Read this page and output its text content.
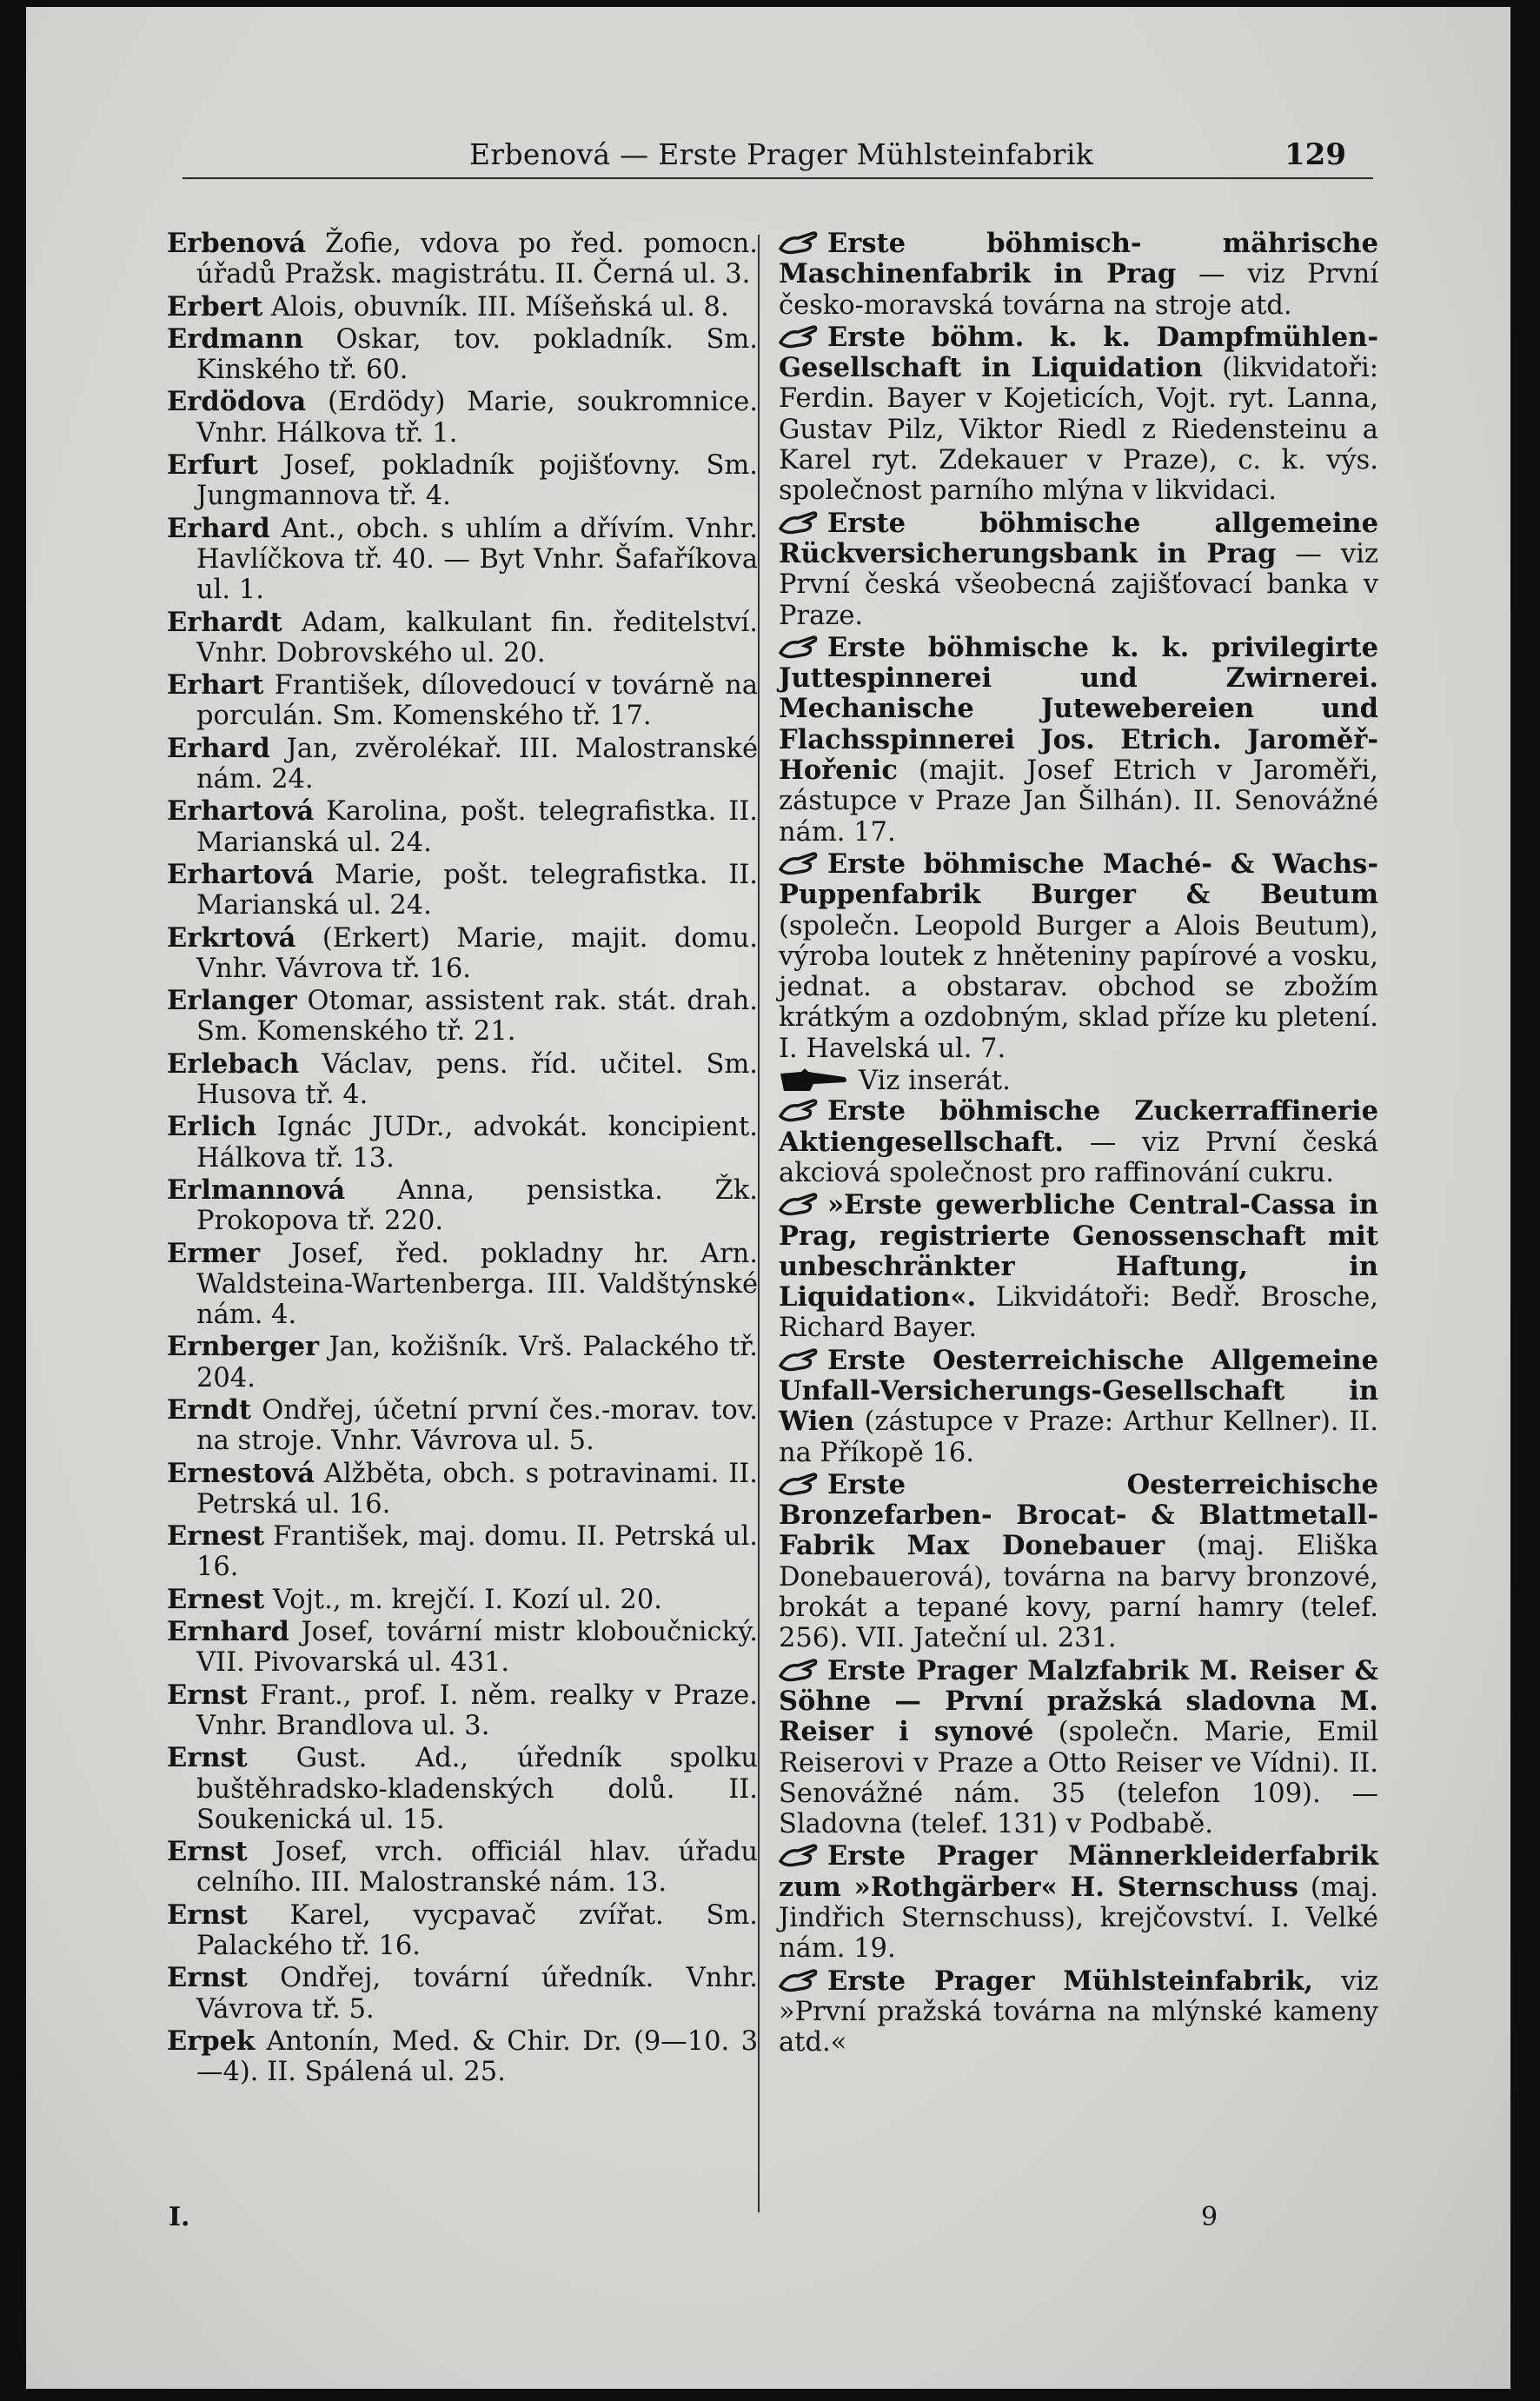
Erbenová — Erste Prager Mühlsteinfabrik	129
Erbenová Žofie, vdova po řed. pomocn. úřadů Pražsk. magistrátu. II. Černá ul. 3.
Erbert Alois, obuvník. III. Míšeňská ul. 8.
Erdmann Oskar, tov. pokladník. Sm. Kinského tř. 60.
Erdödova (Erdödy) Marie, soukromnice. Vnhr. Hálkova tř. 1.
Erfurt Josef, pokladník pojišťovny. Sm. Jungmannova tř. 4.
Erhard Ant., obch. s uhlím a dřívím. Vnhr. Havlíčkova tř. 40. — Byt Vnhr. Šafaříkova ul. 1.
Erhardt Adam, kalkulant fin. ředitelství. Vnhr. Dobrovského ul. 20.
Erhart František, dílovedoucí v továrně na porculán. Sm. Komenského tř. 17.
Erhard Jan, zvěrolékař. III. Malostranské nám. 24.
Erhartová Karolina, pošt. telegrafistka. II. Marianská ul. 24.
Erhartová Marie, pošt. telegrafistka. II. Marianská ul. 24.
Erkrtová (Erkert) Marie, majit. domu. Vnhr. Vávrova tř. 16.
Erlanger Otomar, assistent rak. stát. drah. Sm. Komenského tř. 21.
Erlebach Václav, pens. říd. učitel. Sm. Husova tř. 4.
Erlich Ignác JUDr., advokát. koncipient. Hálkova tř. 13.
Erlmannová Anna, pensistka. Žk. Prokopova tř. 220.
Ermer Josef, řed. pokladny hr. Arn. Waldsteina-Wartenberga. III. Valdštýnské nám. 4.
Ernberger Jan, kožišník. Vrš. Palackého tř. 204.
Erndt Ondřej, účetní první čes.-morav. tov. na stroje. Vnhr. Vávrova ul. 5.
Ernestová Alžběta, obch. s potravinami. II. Petrská ul. 16.
Ernest František, maj. domu. II. Petrská ul. 16.
Ernest Vojt., m. krejčí. I. Kozí ul. 20.
Ernhard Josef, tovární mistr kloboučnický. VII. Pivovarská ul. 431.
Ernst Frant., prof. I. něm. realky v Praze. Vnhr. Brandlova ul. 3.
Ernst Gust. Ad., úředník spolku buštěhradsko-kladenských dolů. II. Soukenická ul. 15.
Ernst Josef, vrch. officiál hlav. úřadu celního. III. Malostranské nám. 13.
Ernst Karel, vycpavač zvířat. Sm. Palackého tř. 16.
Ernst Ondřej, tovární úředník. Vnhr. Vávrova tř. 5.
Erpek Antonín, Med. & Chir. Dr. (9—10. 3—4). II. Spálená ul. 25.
Erste böhmisch- mährische Maschinenfabrik in Prag — viz První česko-moravská továrna na stroje atd.
Erste böhm. k. k. Dampfmühlen-Gesellschaft in Liquidation (likvidatoři: Ferdin. Bayer v Kojeticích, Vojt. ryt. Lanna, Gustav Pilz, Viktor Riedl z Riedensteinu a Karel ryt. Zdekauer v Praze), c. k. výs. společnost parního mlýna v likvidaci.
Erste böhmische allgemeine Rückversicherungsbank in Prag — viz První česká všeobecná zajišťovací banka v Praze.
Erste böhmische k. k. privilegirte Juttespinnerei und Zwirnerei. Mechanische Jutewebereien und Flachsspinnerei Jos. Etrich. Jaroměř-Hořenic (majit. Josef Etrich v Jaroměři, zástupce v Praze Jan Šilhán). II. Senovážné nám. 17.
Erste böhmische Maché- & Wachs-Puppenfabrik Burger & Beutum (společn. Leopold Burger a Alois Beutum), výroba loutek z hněteniny papírové a vosku, jednat. a obstarav. obchod se zbožím krátkým a ozdobným, sklad příze ku pletení. I. Havelská ul. 7.
Viz inserát.
Erste böhmische Zuckerraffinerie Aktiengesellschaft. — viz První česká akciová společnost pro raffinování cukru.
»Erste gewerbliche Central-Cassa in Prag, registrierte Genossenschaft mit unbeschränkter Haftung, in Liquidation«. Likvidátoři: Bedř. Brosche, Richard Bayer.
Erste Oesterreichische Allgemeine Unfall-Versicherungs-Gesellschaft in Wien (zástupce v Praze: Arthur Kellner). II. na Příkopě 16.
Erste Oesterreichische Bronzefarben- Brocat- & Blattmetall-Fabrik Max Donebauer (maj. Eliška Donebauerová), továrna na barvy bronzové, brokát a tepané kovy, parní hamry (telef. 256). VII. Jateční ul. 231.
Erste Prager Malzfabrik M. Reiser & Söhne — První pražská sladovna M. Reiser i synové (společn. Marie, Emil Reiserovi v Praze a Otto Reiser ve Vídni). II. Senovážné nám. 35 (telefon 109). — Sladovna (telef. 131) v Podbabě.
Erste Prager Männerkleiderfabrik zum »Rothgärber« H. Sternschuss (maj. Jindřich Sternschuss), krejčovství. I. Velké nám. 19.
Erste Prager Mühlsteinfabrik, viz »První pražská továrna na mlýnské kameny atd.«
I.	9
